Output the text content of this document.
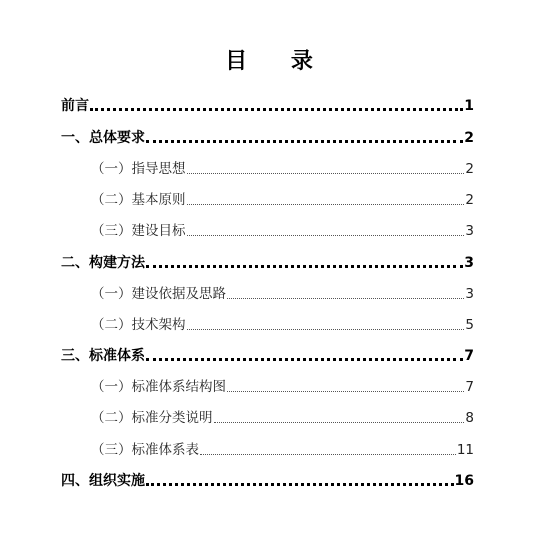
目 录
前言	1
一、总体要求	2
（一）指导思想	2
（二）基本原则	2
（三）建设目标	3
二、构建方法	3
（一）建设依据及思路	3
（二）技术架构	5
三、标准体系	7
（一）标准体系结构图	7
（二）标准分类说明	8
（三）标准体系表	11
四、组织实施	16
